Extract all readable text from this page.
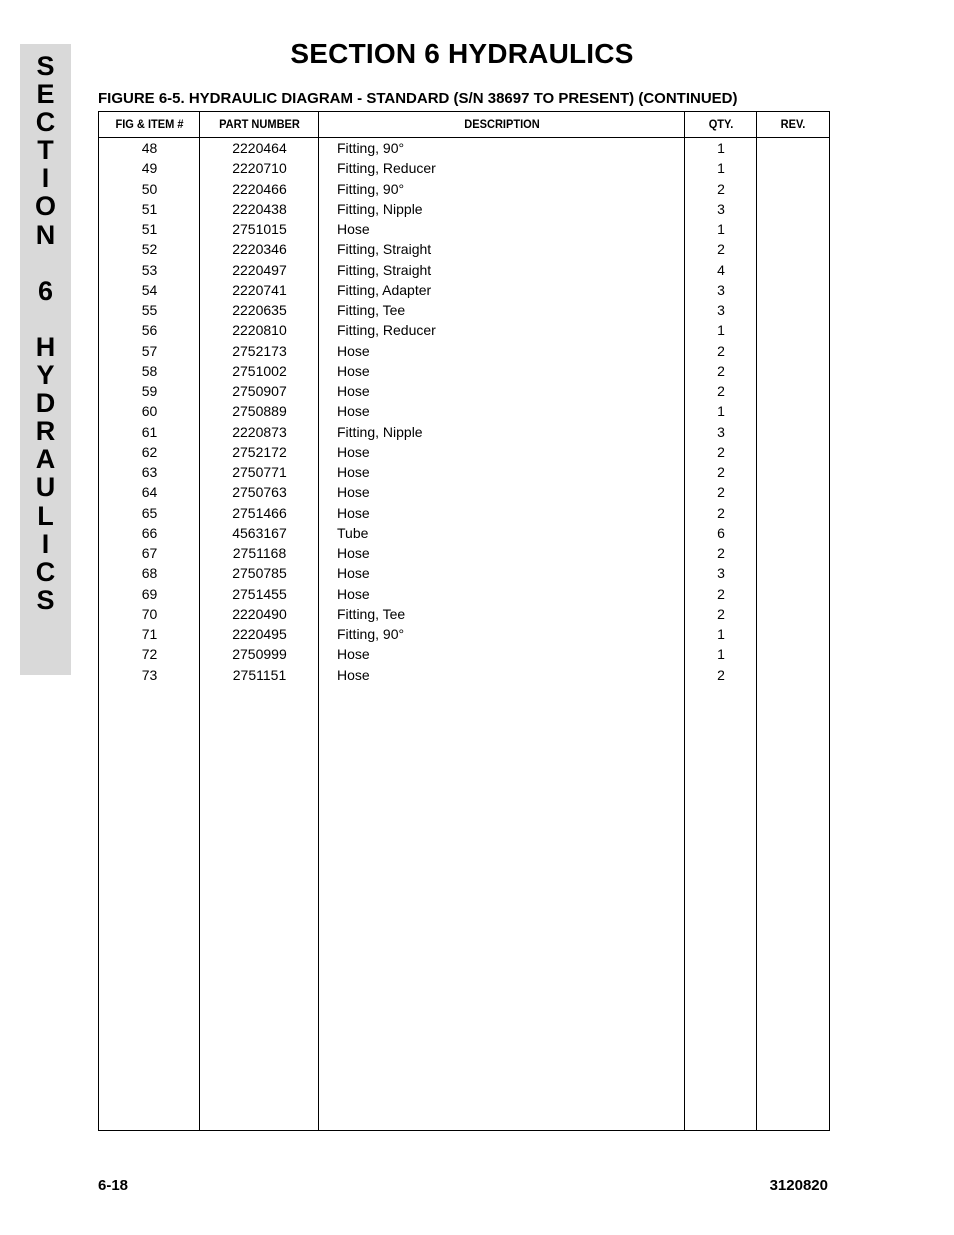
S
E
C
T
I
O
N
6
H
Y
D
R
A
U
L
I
C
S
SECTION 6 HYDRAULICS
FIGURE 6-5. HYDRAULIC DIAGRAM - STANDARD (S/N 38697 TO PRESENT) (CONTINUED)
FIG & ITEM #	PART NUMBER	DESCRIPTION	QTY.	REV.
48	2220464	Fitting, 90°	1
49	2220710	Fitting, Reducer	1
50	2220466	Fitting, 90°	2
51	2220438	Fitting, Nipple	3
51	2751015	Hose	1
52	2220346	Fitting, Straight	2
53	2220497	Fitting, Straight	4
54	2220741	Fitting, Adapter	3
55	2220635	Fitting, Tee	3
56	2220810	Fitting, Reducer	1
57	2752173	Hose	2
58	2751002	Hose	2
59	2750907	Hose	2
60	2750889	Hose	1
61	2220873	Fitting, Nipple	3
62	2752172	Hose	2
63	2750771	Hose	2
64	2750763	Hose	2
65	2751466	Hose	2
66	4563167	Tube	6
67	2751168	Hose	2
68	2750785	Hose	3
69	2751455	Hose	2
70	2220490	Fitting, Tee	2
71	2220495	Fitting, 90°	1
72	2750999	Hose	1
73	2751151	Hose	2
6-18	3120820
